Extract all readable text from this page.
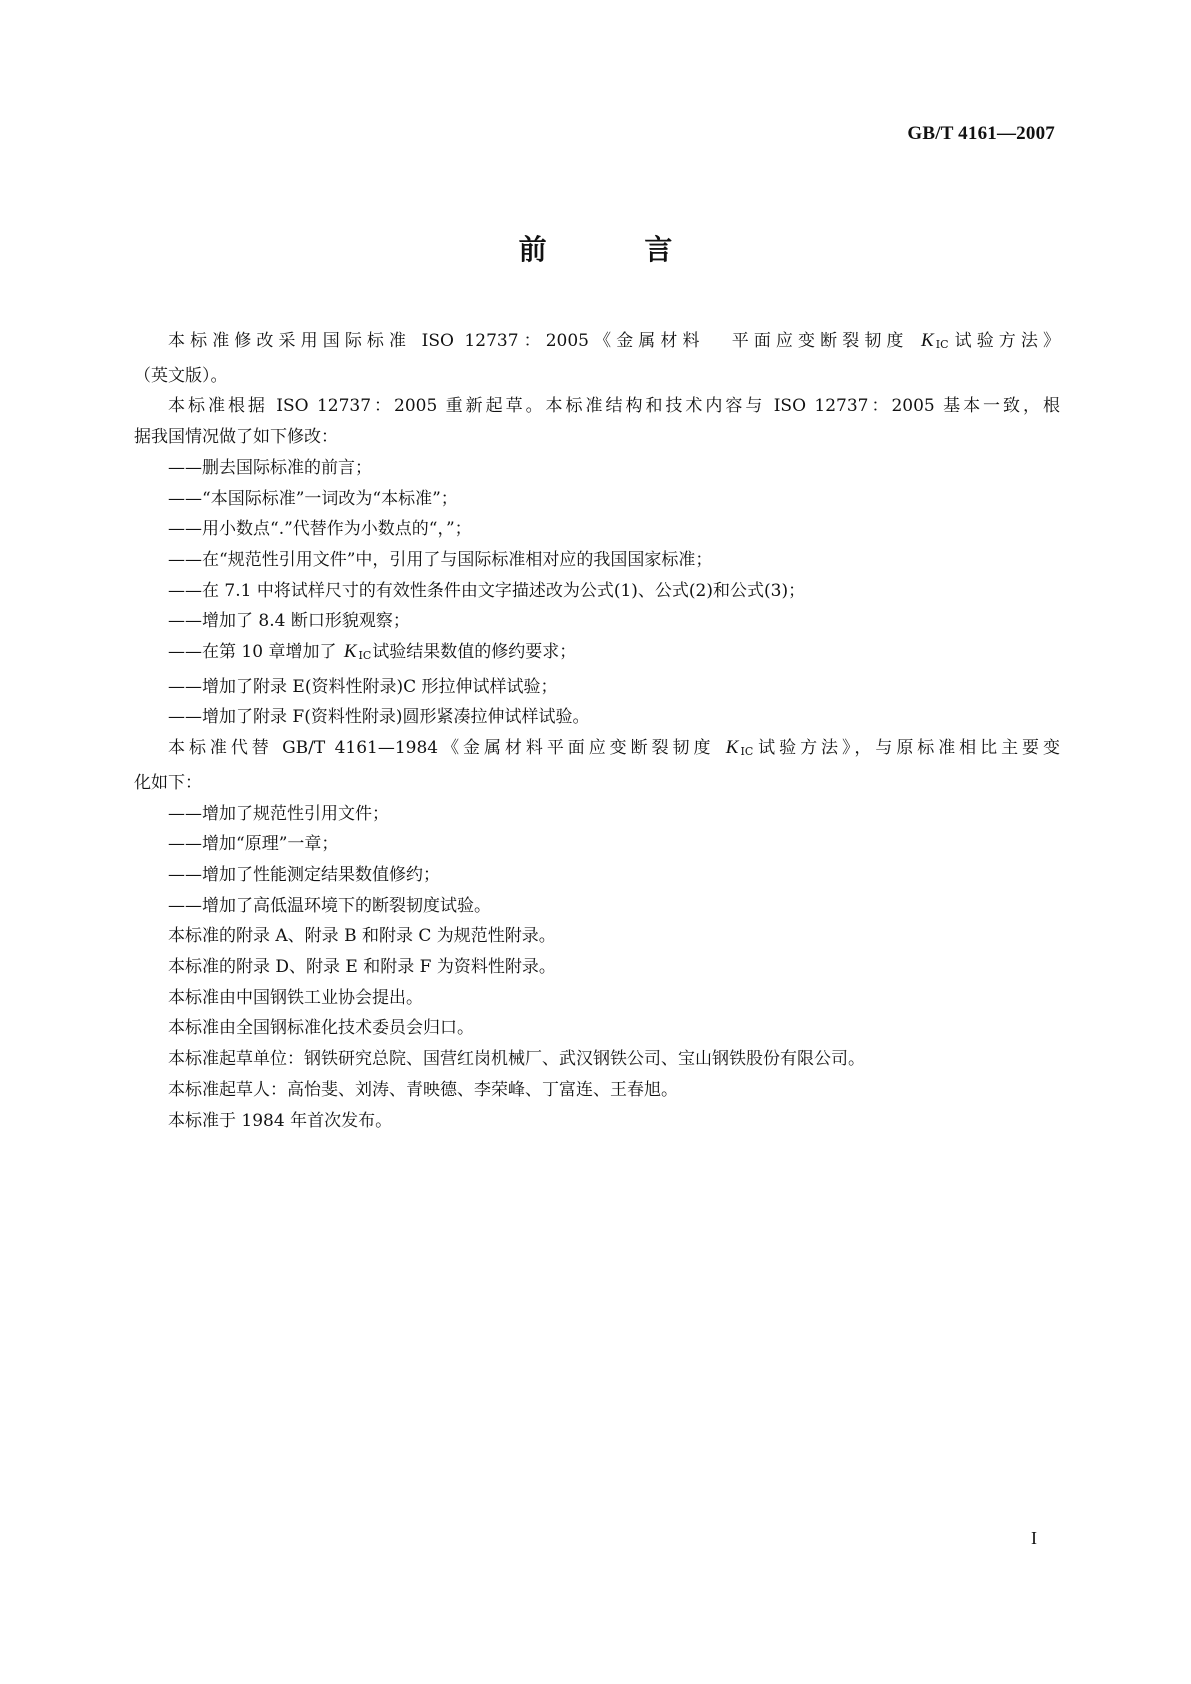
GB/T 4161—2007
前 言

本标准修改采用国际标准 ISO 12737：2005《金属材料 平面应变断裂韧度 K IC试验方法》

（英文版）。

本标准根据 ISO 12737：2005 重新起草。本标准结构和技术内容与 ISO 12737：2005 基本一致，根

据我国情况做了如下修改：

——删去国际标准的前言；

——“本国际标准”一词改为“本标准”；

——用小数点“.”代替作为小数点的“，”；

——在“规范性引用文件”中，引用了与国际标准相对应的我国国家标准；

——在 7.1 中将试样尺寸的有效性条件由文字描述改为公式(1)、公式(2)和公式(3)；

——增加了 8.4 断口形貌观察；

——在第 10 章增加了 K IC试验结果数值的修约要求；

——增加了附录 E(资料性附录)C 形拉伸试样试验；

——增加了附录 F(资料性附录)圆形紧凑拉伸试样试验。

本标准代替 GB/T 4161—1984《金属材料平面应变断裂韧度 K IC试验方法》，与原标准相比主要变

化如下：

——增加了规范性引用文件；

——增加“原理”一章；

——增加了性能测定结果数值修约；

——增加了高低温环境下的断裂韧度试验。

本标准的附录 A、附录 B 和附录 C 为规范性附录。

本标准的附录 D、附录 E 和附录 F 为资料性附录。

本标准由中国钢铁工业协会提出。

本标准由全国钢标准化技术委员会归口。

本标准起草单位：钢铁研究总院、国营红岗机械厂、武汉钢铁公司、宝山钢铁股份有限公司。

本标准起草人：高怡斐、刘涛、青映德、李荣峰、丁富连、王春旭。

本标准于 1984 年首次发布。

I
